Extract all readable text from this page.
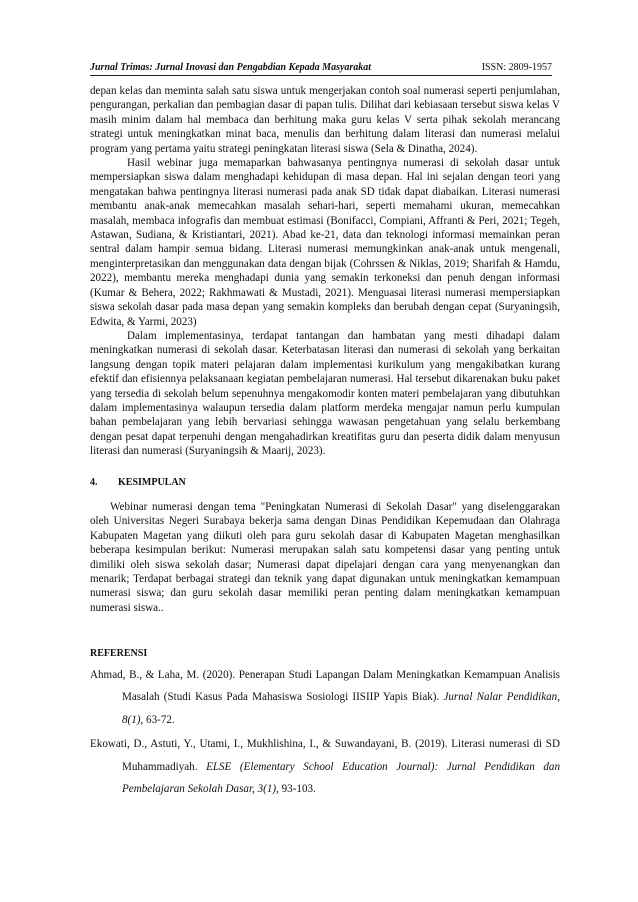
Jurnal Trimas: Jurnal Inovasi dan Pengabdian Kepada Masyarakat	ISSN: 2809-1957

depan kelas dan meminta salah satu siswa untuk mengerjakan contoh soal numerasi seperti penjumlahan, pengurangan, perkalian dan pembagian dasar di papan tulis. Dilihat dari kebiasaan tersebut siswa kelas V masih minim dalam hal membaca dan berhitung maka guru kelas V serta pihak sekolah merancang strategi untuk meningkatkan minat baca, menulis dan berhitung dalam literasi dan numerasi melalui program yang pertama yaitu strategi peningkatan literasi siswa (Sela & Dinatha, 2024).

Hasil webinar juga memaparkan bahwasanya pentingnya numerasi di sekolah dasar untuk mempersiapkan siswa dalam menghadapi kehidupan di masa depan. Hal ini sejalan dengan teori yang mengatakan bahwa pentingnya literasi numerasi pada anak SD tidak dapat diabaikan. Literasi numerasi membantu anak-anak memecahkan masalah sehari-hari, seperti memahami ukuran, memecahkan masalah, membaca infografis dan membuat estimasi (Bonifacci, Compiani, Affranti & Peri, 2021; Tegeh, Astawan, Sudiana, & Kristiantari, 2021). Abad ke-21, data dan teknologi informasi memainkan peran sentral dalam hampir semua bidang. Literasi numerasi memungkinkan anak-anak untuk mengenali, menginterpretasikan dan menggunakan data dengan bijak (Cohrssen & Niklas, 2019; Sharifah & Hamdu, 2022), membantu mereka menghadapi dunia yang semakin terkoneksi dan penuh dengan informasi (Kumar & Behera, 2022; Rakhmawati & Mustadi, 2021). Menguasai literasi numerasi mempersiapkan siswa sekolah dasar pada masa depan yang semakin kompleks dan berubah dengan cepat (Suryaningsih, Edwita, & Yarmi, 2023)

Dalam implementasinya, terdapat tantangan dan hambatan yang mesti dihadapi dalam meningkatkan numerasi di sekolah dasar. Keterbatasan literasi dan numerasi di sekolah yang berkaitan langsung dengan topik materi pelajaran dalam implementasi kurikulum yang mengakibatkan kurang efektif dan efisiennya pelaksanaan kegiatan pembelajaran numerasi. Hal tersebut dikarenakan buku paket yang tersedia di sekolah belum sepenuhnya mengakomodir konten materi pembelajaran yang dibutuhkan dalam implementasinya walaupun tersedia dalam platform merdeka mengajar namun perlu kumpulan bahan pembelajaran yang lebih bervariasi sehingga wawasan pengetahuan yang selalu berkembang dengan pesat dapat terpenuhi dengan mengahadirkan kreatifitas guru dan peserta didik dalam menyusun literasi dan numerasi (Suryaningsih & Maarij, 2023).

4. KESIMPULAN

Webinar numerasi dengan tema "Peningkatan Numerasi di Sekolah Dasar" yang diselenggarakan oleh Universitas Negeri Surabaya bekerja sama dengan Dinas Pendidikan Kepemudaan dan Olahraga Kabupaten Magetan yang diikuti oleh para guru sekolah dasar di Kabupaten Magetan menghasilkan beberapa kesimpulan berikut: Numerasi merupakan salah satu kompetensi dasar yang penting untuk dimiliki oleh siswa sekolah dasar; Numerasi dapat dipelajari dengan cara yang menyenangkan dan menarik; Terdapat berbagai strategi dan teknik yang dapat digunakan untuk meningkatkan kemampuan numerasi siswa; dan guru sekolah dasar memiliki peran penting dalam meningkatkan kemampuan numerasi siswa..

REFERENSI
Ahmad, B., & Laha, M. (2020). Penerapan Studi Lapangan Dalam Meningkatkan Kemampuan Analisis Masalah (Studi Kasus Pada Mahasiswa Sosiologi IISIIP Yapis Biak). Jurnal Nalar Pendidikan, 8(1), 63-72.
Ekowati, D., Astuti, Y., Utami, I., Mukhlishina, I., & Suwandayani, B. (2019). Literasi numerasi di SD Muhammadiyah. ELSE (Elementary School Education Journal): Jurnal Pendidikan dan Pembelajaran Sekolah Dasar, 3(1), 93-103.
